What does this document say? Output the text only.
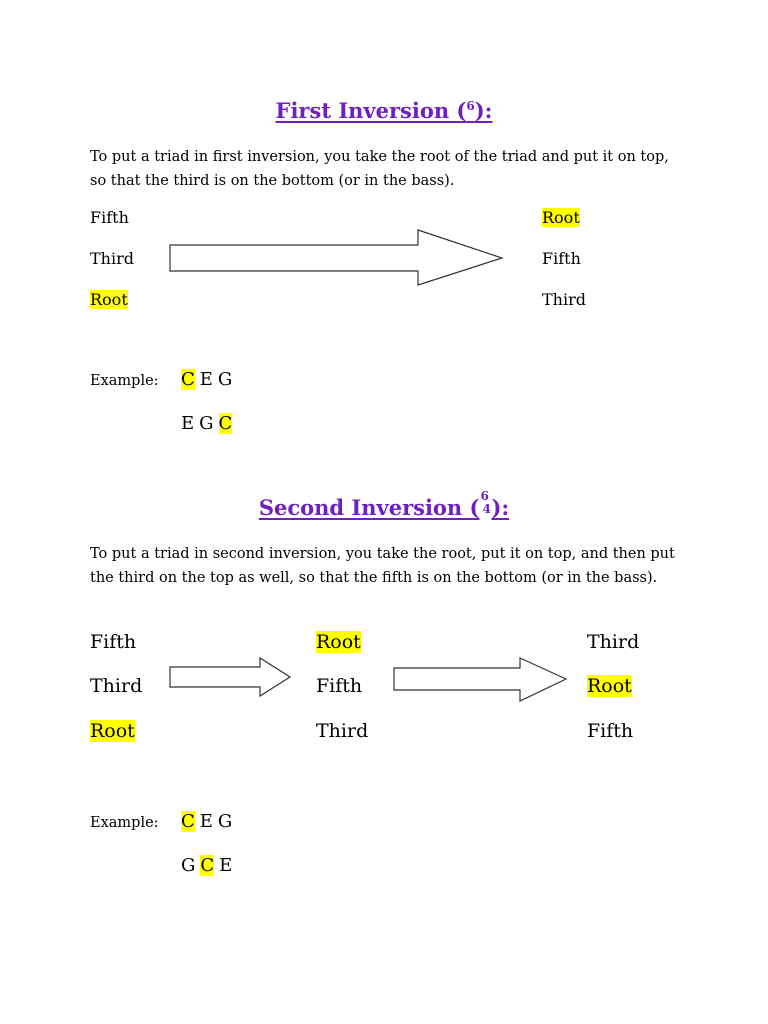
First Inversion ($^6$):
To put a triad in first inversion, you take the root of the triad and put it on top, so that the third is on the bottom (or in the bass).
Fifth
Third
Root
Root
Fifth
Third
Example: C E G
E G C
Second Inversion ( 6
4 ):
To put a triad in second inversion, you take the root, put it on top, and then put the third on the top as well, so that the fifth is on the bottom (or in the bass).
Fifth
Third
Root
Root
Fifth
Third
Third
Root
Fifth
Example: C E G
G C E
